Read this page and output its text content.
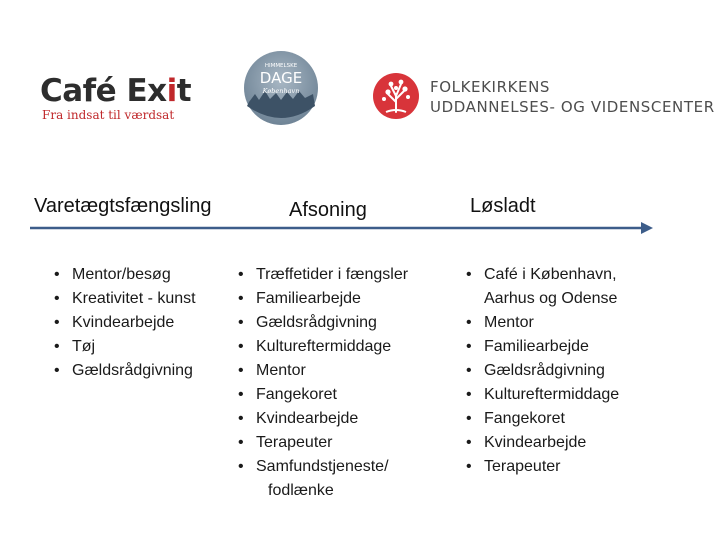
Café Exit
Fra indsat til værdsat
HIMMELSKE
DAGE
København	FOLKEKIRKENS
UDDANNELSES- OG VIDENSCENTER
Varetægtsfængsling	Afsoning	Løsladt
• Mentor/besøg
• Kreativitet - kunst
• Kvindearbejde
• Tøj
• Gældsrådgivning
• Træffetider i fængsler
• Familiearbejde
• Gældsrådgivning
• Kultureftermiddage
• Mentor
• Fangekoret
• Kvindearbejde
• Terapeuter
• Samfundstjeneste/
fodlænke
• Café i København,
Aarhus og Odense
• Mentor
• Familiearbejde
• Gældsrådgivning
• Kultureftermiddage
• Fangekoret
• Kvindearbejde
• Terapeuter
